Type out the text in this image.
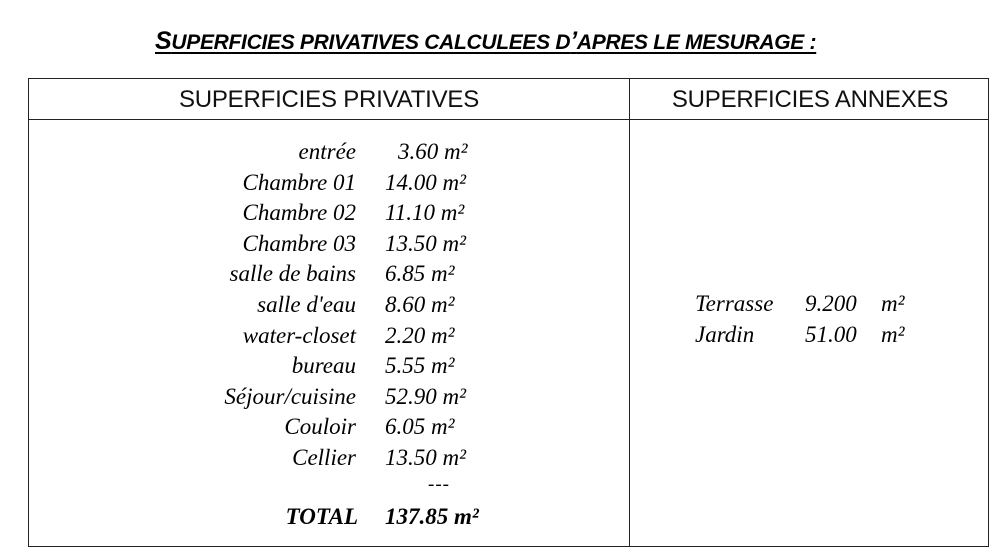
SUPERFICIES PRIVATIVES CALCULEES D’APRES LE MESURAGE :
SUPERFICIES PRIVATIVES	SUPERFICIES ANNEXES
entrée 3.60 m²
Chambre 01 14.00 m²
Chambre 02 11.10 m²
Chambre 03 13.50 m²
salle de bains 6.85 m²
salle d'eau 8.60 m²
water-closet 2.20 m²
bureau 5.55 m²
Séjour/cuisine 52.90 m²
Couloir 6.05 m²
Cellier 13.50 m²
---
TOTAL 137.85 m²
Terrasse 9.200 m²
Jardin 51.00 m²
